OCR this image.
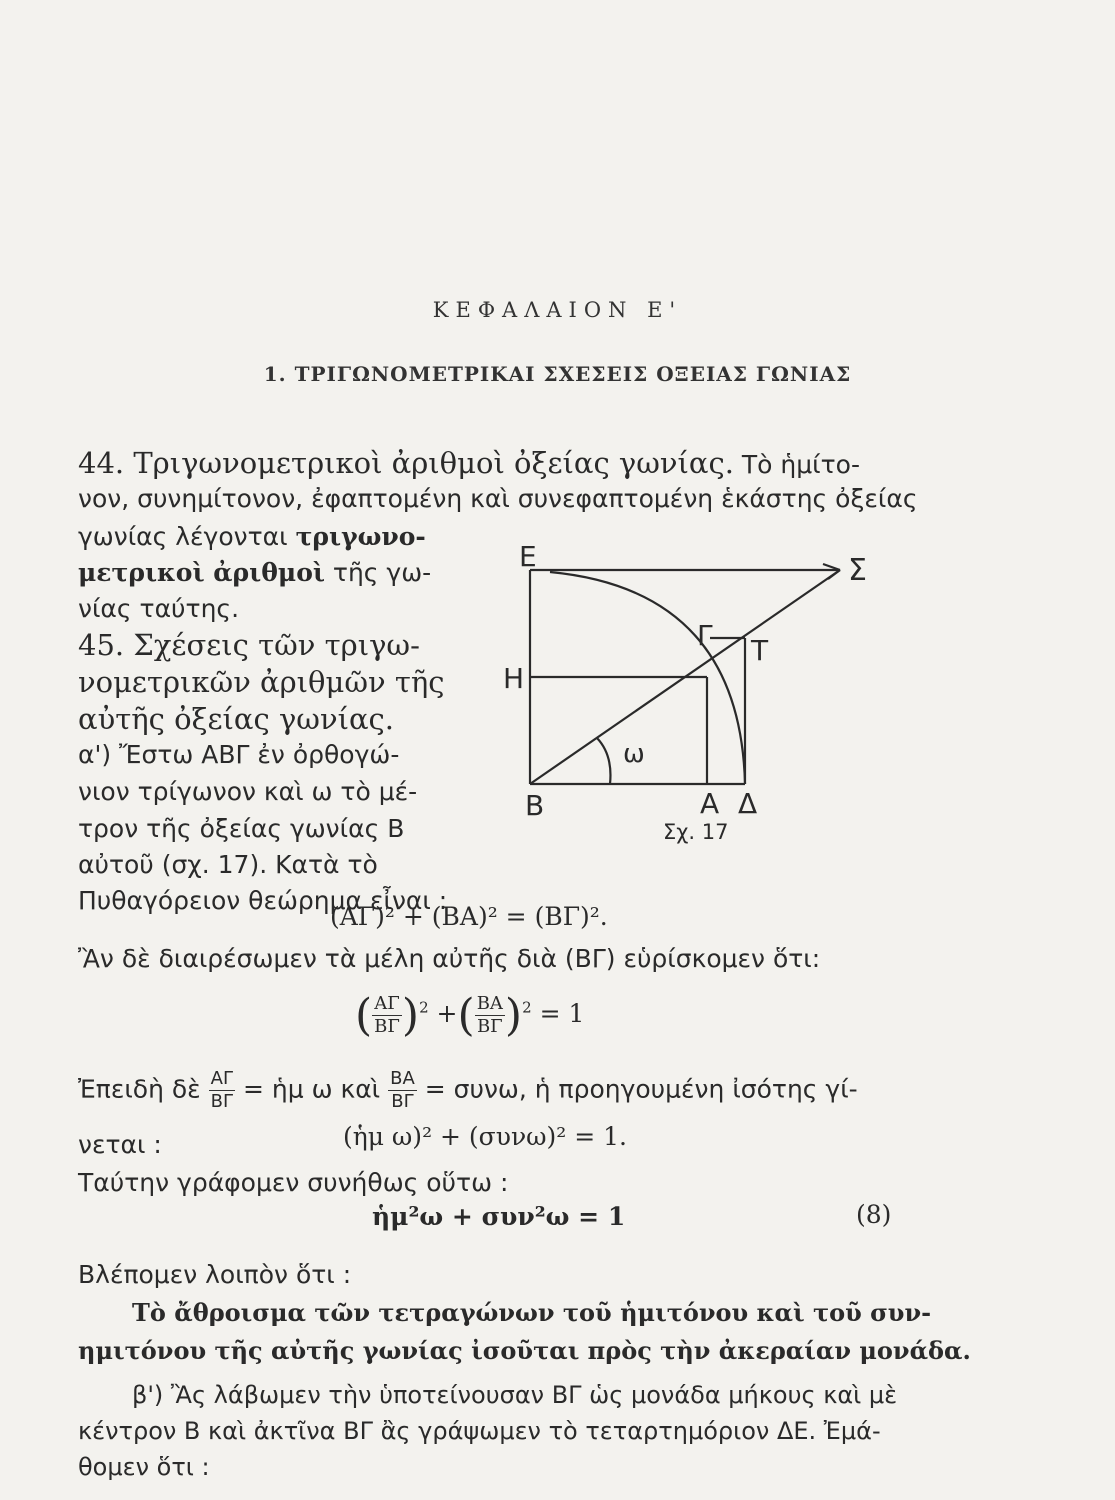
ΚΕΦΑΛΑΙΟΝ Ε'
1. ΤΡΙΓΩΝΟΜΕΤΡΙΚΑΙ ΣΧΕΣΕΙΣ ΟΞΕΙΑΣ ΓΩΝΙΑΣ
44. Τριγωνομετρικοὶ ἀριθμοὶ ὀξείας γωνίας. Τὸ ἡμίτο-
νον, συνημίτονον, ἐφαπτομένη καὶ συνεφαπτομένη ἑκάστης ὀξείας
γωνίας λέγονται τριγωνο-
μετρικοὶ ἀριθμοὶ τῆς γω-
νίας ταύτης.
45. Σχέσεις τῶν τριγω-
νομετρικῶν ἀριθμῶν τῆς
αὐτῆς ὀξείας γωνίας.
α') Ἔστω ΑΒΓ ἐν ὀρθογώ-
νιον τρίγωνον καὶ ω τὸ μέ-
τρον τῆς ὀξείας γωνίας Β
αὐτοῦ (σχ. 17). Κατὰ τὸ
Πυθαγόρειον θεώρημα εἶναι :
Ε	Σ
Γ Τ
Η
ω
Β	Α Δ
Σχ. 17
(ΑΓ)² + (ΒΑ)² = (ΒΓ)².
Ἂν δὲ διαιρέσωμεν τὰ μέλη αὐτῆς διὰ (ΒΓ) εὑρίσκομεν ὅτι:
( $\frac{A\Gamma}{B\Gamma} )^2$ +( $\frac{BA}{B\Gamma} )^2 = 1$
Ἐπειδὴ δὲ $\frac{A\Gamma}{B\Gamma}$ = ἡμ ω καὶ $\frac{BA}{B\Gamma} = \sigma\upsilon\nu\omega$, ἡ προηγουμένη ἰσότης γί-
νεται :	(ἡμ ω)² + (συνω)² = 1.
Ταύτην γράφομεν συνήθως οὕτω :
ἡμ²ω + συν²ω = 1	(8)
Βλέπομεν λοιπὸν ὅτι :
Τὸ ἄθροισμα τῶν τετραγώνων τοῦ ἡμιτόνου καὶ τοῦ συν-
ημιτόνου τῆς αὐτῆς γωνίας ἰσοῦται πρὸς τὴν ἀκεραίαν μονάδα.
β') Ἂς λάβωμεν τὴν ὑποτείνουσαν ΒΓ ὡς μονάδα μήκους καὶ μὲ
κέντρον Β καὶ ἀκτῖνα ΒΓ ἂς γράψωμεν τὸ τεταρτημόριον ΔΕ. Ἐμά-
θομεν ὅτι :
